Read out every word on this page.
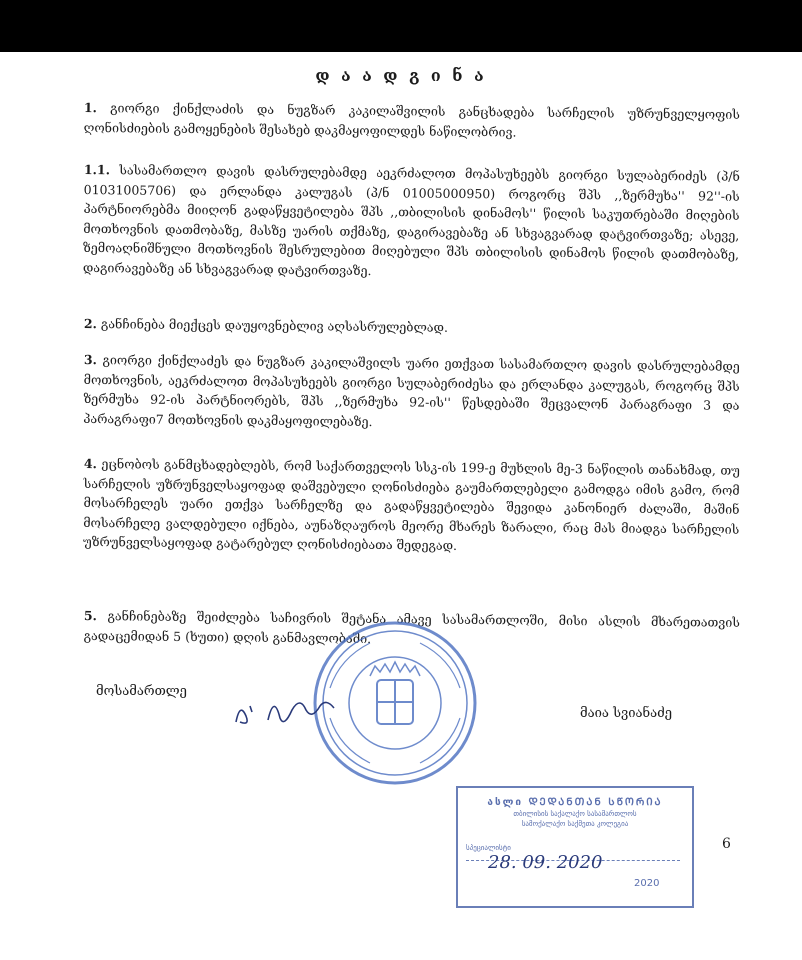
დ ა ა დ გ ი ნ ა

1. გიორგი ქინქლაძის და ნუგზარ კაკილაშვილის განცხადება სარჩელის უზრუნველყოფის ღონისძიების გამოყენების შესახებ დაკმაყოფილდეს ნაწილობრივ.

1.1. სასამართლო დავის დასრულებამდე აეკრძალოთ მოპასუხეებს გიორგი სულაბერიძეს (პ/ნ 01031005706) და ერლანდა კალუგას (პ/ნ 01005000950) როგორც შპს ,,ზერმუხა'' 92''-ის პარტნიორებმა მიიღონ გადაწყვეტილება შპს ,,თბილისის დინამოს'' წილის საკუთრებაში მიღების მოთხოვნის დათმობაზე, მასზე უარის თქმაზე, დაგირავებაზე ან სხვაგვარად დატვირთვაზე; ასევე, ზემოაღნიშნული მოთხოვნის შესრულებით მიღებული შპს თბილისის დინამოს წილის დათმობაზე, დაგირავებაზე ან სხვაგვარად დატვირთვაზე.

2. განჩინება მიექცეს დაუყოვნებლივ აღსასრულებლად.

3. გიორგი ქინქლაძეს და ნუგზარ კაკილაშვილს უარი ეთქვათ სასამართლო დავის დასრულებამდე მოთხოვნის, აეკრძალოთ მოპასუხეებს გიორგი სულაბერიძესა და ერლანდა კალუგას, როგორც შპს ზერმუხა 92-ის პარტნიორებს, შპს ,,ზერმუხა 92-ის'' წესდებაში შეცვალონ პარაგრაფი 3 და პარაგრაფი7 მოთხოვნის დაკმაყოფილებაზე.

4. ეცნობოს განმცხადებლებს, რომ საქართველოს სსკ-ის 199-ე მუხლის მე-3 ნაწილის თანახმად, თუ სარჩელის უზრუნველსაყოფად დაშვებული ღონისძიება გაუმართლებელი გამოდგა იმის გამო, რომ მოსარჩელეს უარი ეთქვა სარჩელზე და გადაწყვეტილება შევიდა კანონიერ ძალაში, მაშინ მოსარჩელე ვალდებული იქნება, აუნაზღაუროს მეორე მხარეს ზარალი, რაც მას მიადგა სარჩელის უზრუნველსაყოფად გატარებულ ღონისძიებათა შედეგად.

5. განჩინებაზე შეიძლება საჩივრის შეტანა ამავე სასამართლოში, მისი ასლის მხარეთათვის გადაცემიდან 5 (ხუთი) დღის განმავლობაში.

მოსამართლე
მაია სვიანაძე
ასლი ᲓᲔᲓᲐᲜᲗᲐᲜ ᲡᲬᲝᲠᲘᲐ
თბილისის საქალაქო სასამართლოს
სამოქალაქო საქმეთა კოლეგია
სპეციალისტი
28. 09. 2020
2020
6
